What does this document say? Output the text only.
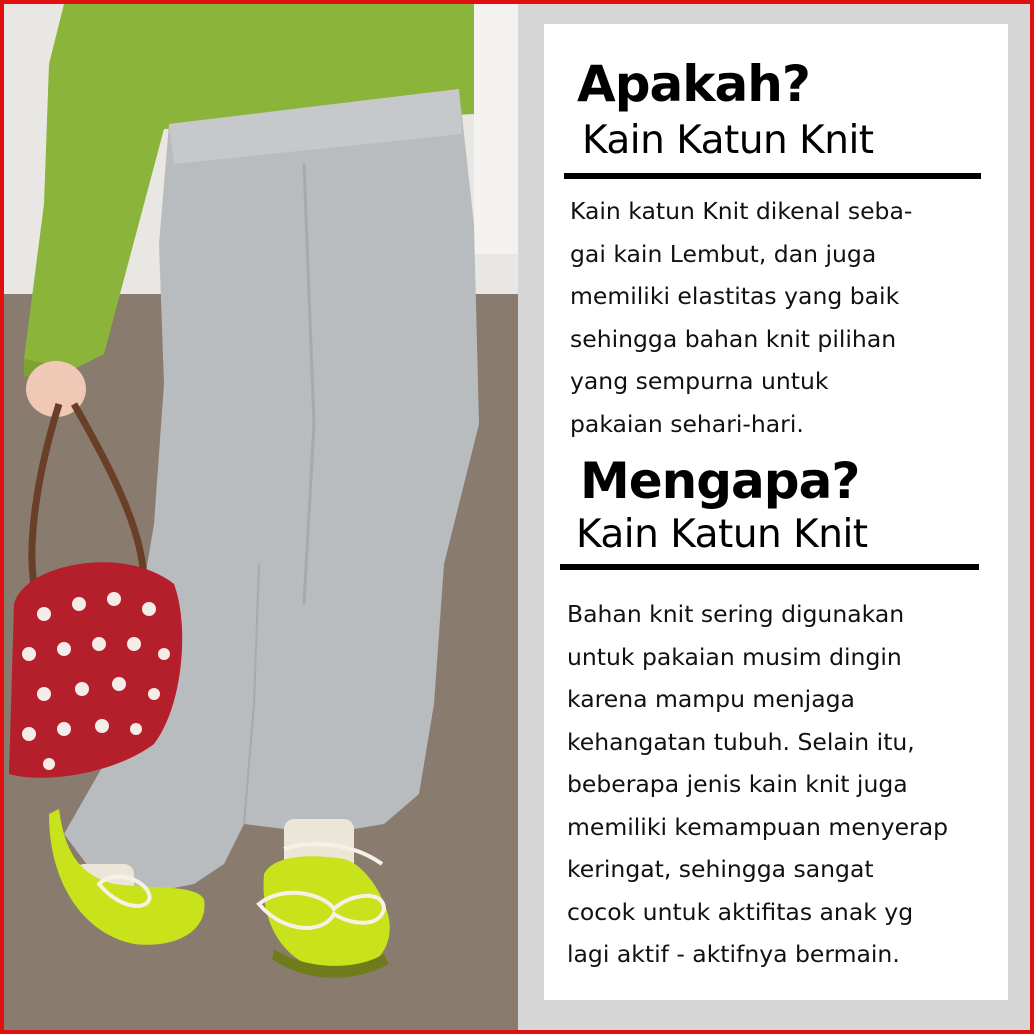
Apakah?
Kain Katun Knit

Kain katun Knit dikenal seba-
gai kain Lembut, dan juga
memiliki elastitas yang baik
sehingga bahan knit pilihan
yang sempurna untuk
pakaian sehari-hari.

Mengapa?
Kain Katun Knit

Bahan knit sering digunakan
untuk pakaian musim dingin
karena mampu menjaga
kehangatan tubuh. Selain itu,
beberapa jenis kain knit juga
memiliki kemampuan menyerap
keringat, sehingga sangat
cocok untuk aktifitas anak yg
lagi aktif - aktifnya bermain.
